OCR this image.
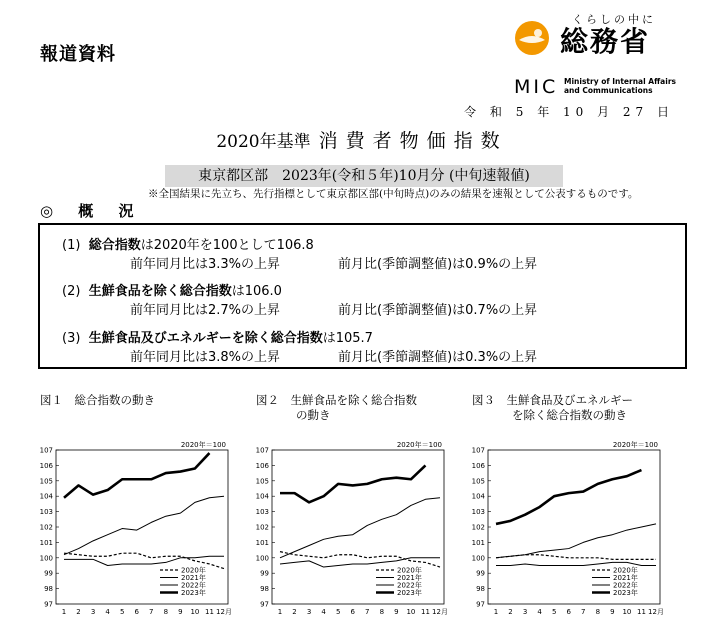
報道資料
くらしの中に
総務省
MIC Ministry of Internal Affairs
and Communications
令 和 5 年 10 月 27 日
2020年基準 消費者物価指数
東京都区部　2023年(令和５年)10月分 (中旬速報値)
※全国結果に先立ち、先行指標として東京都区部(中旬時点)のみの結果を速報として公表するものです。
◎ 概 況
(1) 総合指数は2020年を100として106.8
前年同月比は3.3%の上昇	前月比(季節調整値)は0.9%の上昇
(2) 生鮮食品を除く総合指数は106.0
前年同月比は2.7%の上昇	前月比(季節調整値)は0.7%の上昇
(3) 生鮮食品及びエネルギーを除く総合指数は105.7
前年同月比は3.8%の上昇	前月比(季節調整値)は0.3%の上昇
図１　総合指数の動き	図２　生鮮食品を除く総合指数
の動き
図３　生鮮食品及びエネルギー
を除く総合指数の動き
2020年＝100
97
98
99
100
101
102
103
104
105
106
107
1 2 3 4 5 6 7 8 9 10 11 12月
2020年
2021年
2022年
2023年
2020年＝100
97
98
99
100
101
102
103
104
105
106
107
1 2 3 4 5 6 7 8 9 10 11 12月
2020年
2021年
2022年
2023年
2020年＝100
97
98
99
100
101
102
103
104
105
106
107
1 2 3 4 5 6 7 8 9 10 11 12月
2020年
2021年
2022年
2023年
